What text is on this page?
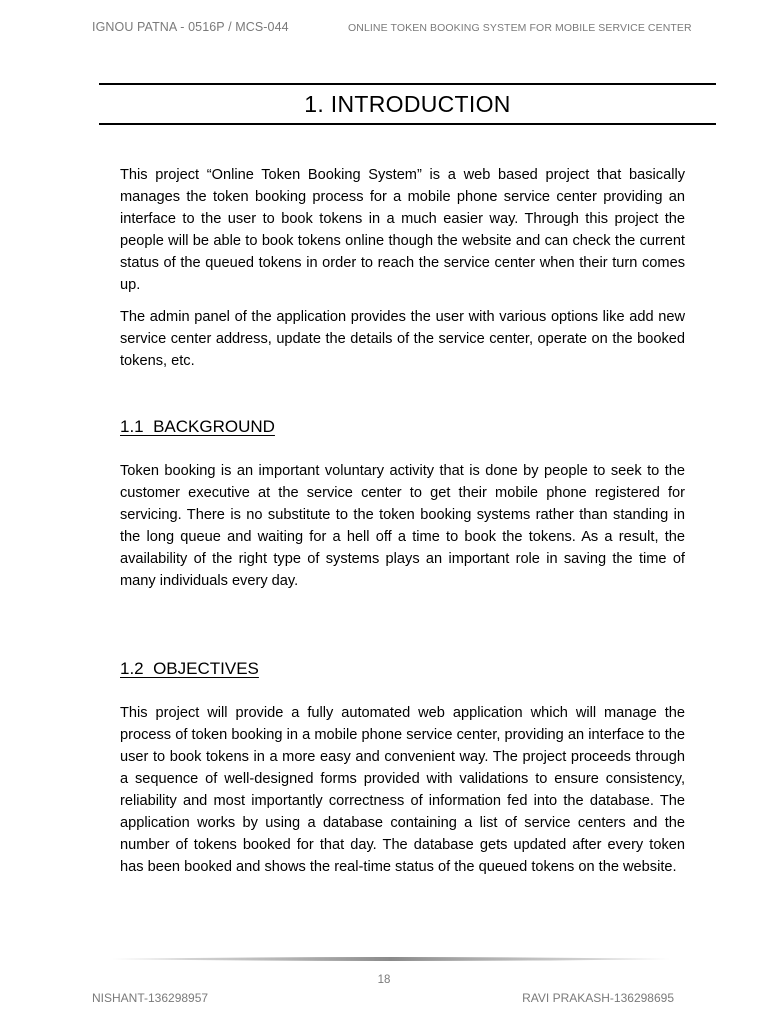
IGNOU PATNA - 0516P / MCS-044	ONLINE TOKEN BOOKING SYSTEM FOR MOBILE SERVICE CENTER
1. INTRODUCTION

This project “Online Token Booking System” is a web based project that basically manages the token booking process for a mobile phone service center providing an interface to the user to book tokens in a much easier way. Through this project the people will be able to book tokens online though the website and can check the current status of the queued tokens in order to reach the service center when their turn comes up.

The admin panel of the application provides the user with various options like add new service center address, update the details of the service center, operate on the booked tokens, etc.

1.1  BACKGROUND

Token booking is an important voluntary activity that is done by people to seek to the customer executive at the service center to get their mobile phone registered for servicing. There is no substitute to the token booking systems rather than standing in the long queue and waiting for a hell off a time to book the tokens. As a result, the availability of the right type of systems plays an important role in saving the time of many individuals every day.

1.2  OBJECTIVES

This project will provide a fully automated web application which will manage the process of token booking in a mobile phone service center, providing an interface to the user to book tokens in a more easy and convenient way. The project proceeds through a sequence of well-designed forms provided with validations to ensure consistency, reliability and most importantly correctness of information fed into the database. The application works by using a database containing a list of service centers and the number of tokens booked for that day. The database gets updated after every token has been booked and shows the real-time status of the queued tokens on the website.

18
NISHANT-136298957	RAVI PRAKASH-136298695
